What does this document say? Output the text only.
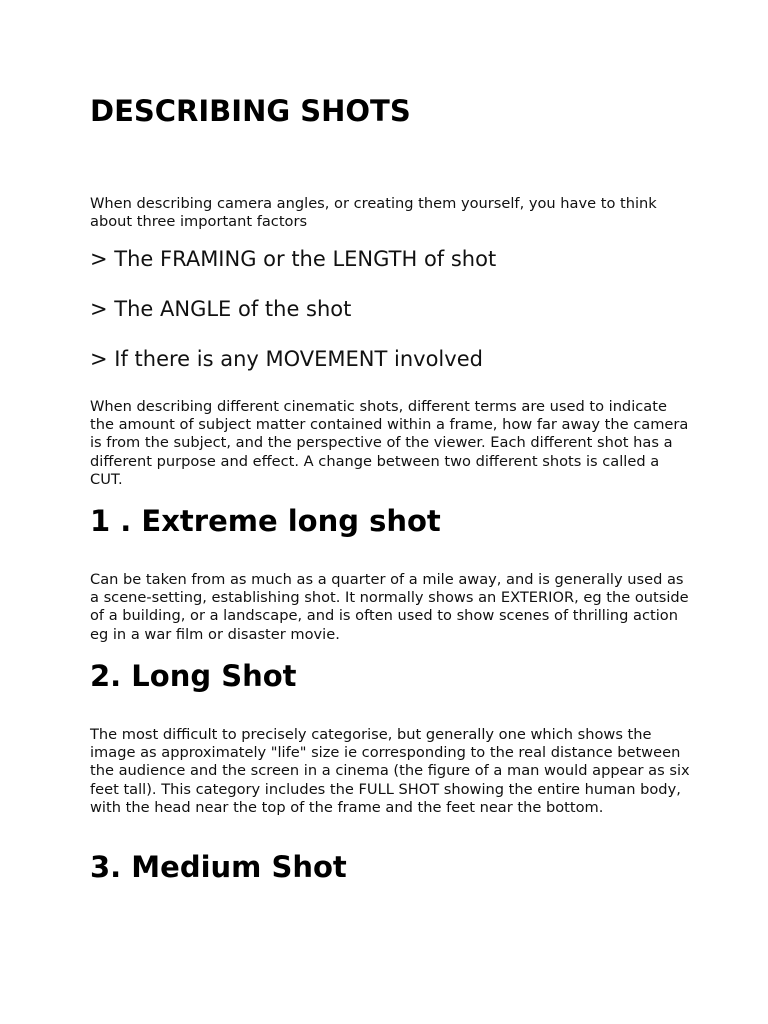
DESCRIBING SHOTS

When describing camera angles, or creating them yourself, you have to think about three important factors

> The FRAMING or the LENGTH of shot

> The ANGLE of the shot

> If there is any MOVEMENT involved

When describing different cinematic shots, different terms are used to indicate the amount of subject matter contained within a frame, how far away the camera is from the subject, and the perspective of the viewer. Each different shot has a different purpose and effect. A change between two different shots is called a CUT.

1 . Extreme long shot

Can be taken from as much as a quarter of a mile away, and is generally used as a scene-setting, establishing shot. It normally shows an EXTERIOR, eg the outside of a building, or a landscape, and is often used to show scenes of thrilling action eg in a war film or disaster movie.

2. Long Shot

The most difficult to precisely categorise, but generally one which shows the image as approximately "life" size ie corresponding to the real distance between the audience and the screen in a cinema (the figure of a man would appear as six feet tall). This category includes the FULL SHOT showing the entire human body, with the head near the top of the frame and the feet near the bottom.

3. Medium Shot
